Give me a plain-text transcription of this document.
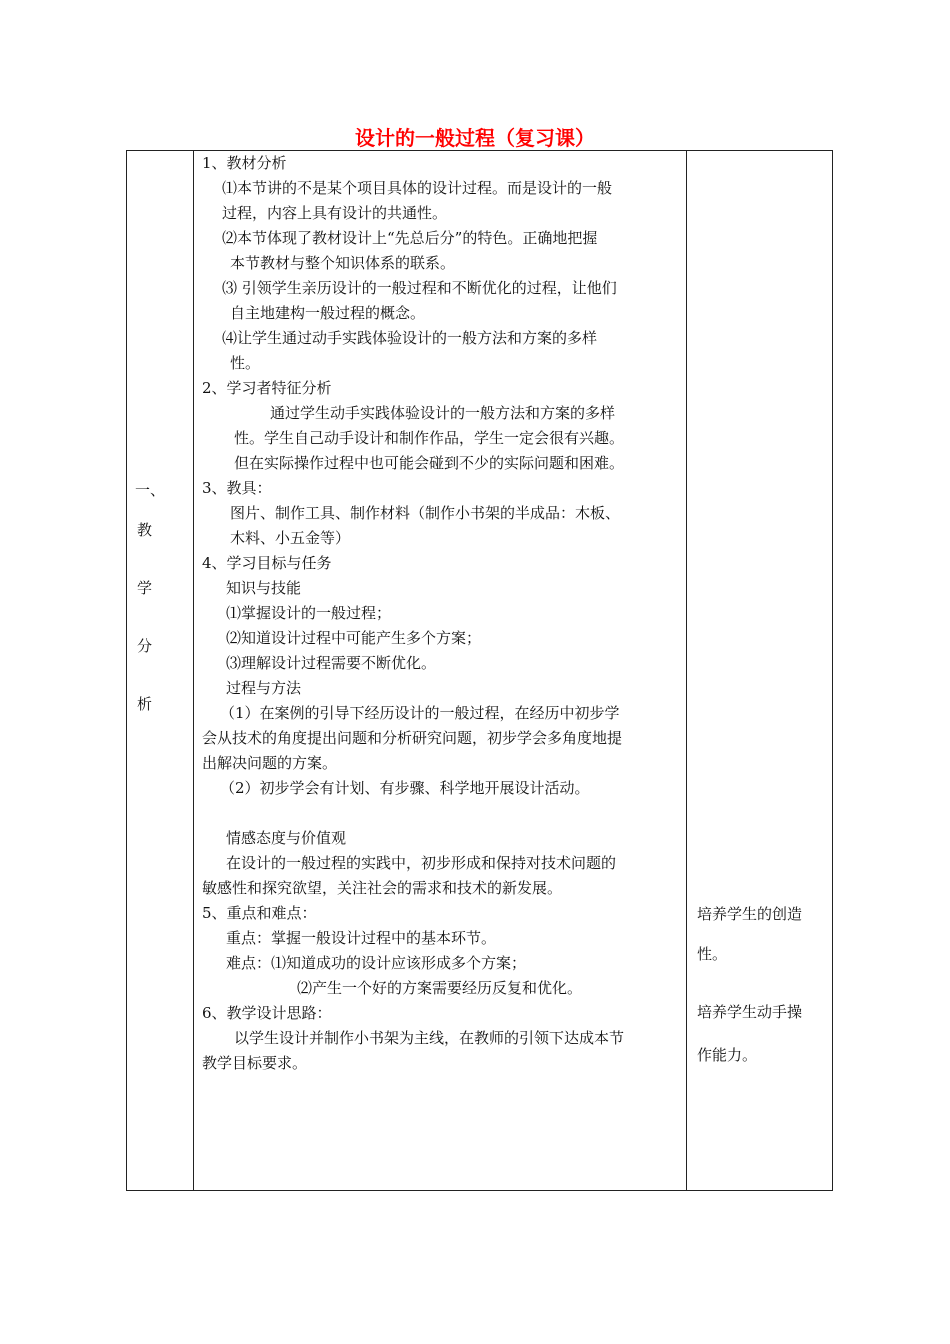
设计的一般过程（复习课）
一、
教
学
分
析
1、教材分析
⑴本节讲的不是某个项目具体的设计过程。而是设计的一般
过程，内容上具有设计的共通性。
⑵本节体现了教材设计上“先总后分”的特色。正确地把握
本节教材与整个知识体系的联系。
⑶ 引领学生亲历设计的一般过程和不断优化的过程，让他们
自主地建构一般过程的概念。
⑷让学生通过动手实践体验设计的一般方法和方案的多样
性。
2、学习者特征分析
通过学生动手实践体验设计的一般方法和方案的多样
性。学生自己动手设计和制作作品，学生一定会很有兴趣。
但在实际操作过程中也可能会碰到不少的实际问题和困难。
3、教具：
图片、制作工具、制作材料（制作小书架的半成品：木板、
木料、小五金等）
4、学习目标与任务
知识与技能
⑴掌握设计的一般过程；
⑵知道设计过程中可能产生多个方案；
⑶理解设计过程需要不断优化。
过程与方法
（1）在案例的引导下经历设计的一般过程，在经历中初步学
会从技术的角度提出问题和分析研究问题，初步学会多角度地提
出解决问题的方案。
（2）初步学会有计划、有步骤、科学地开展设计活动。
情感态度与价值观
在设计的一般过程的实践中，初步形成和保持对技术问题的
敏感性和探究欲望，关注社会的需求和技术的新发展。
5、重点和难点：
重点：掌握一般设计过程中的基本环节。
难点：⑴知道成功的设计应该形成多个方案；
⑵产生一个好的方案需要经历反复和优化。
6、教学设计思路：
以学生设计并制作小书架为主线，在教师的引领下达成本节
教学目标要求。
培养学生的创造
性。
培养学生动手操
作能力。
